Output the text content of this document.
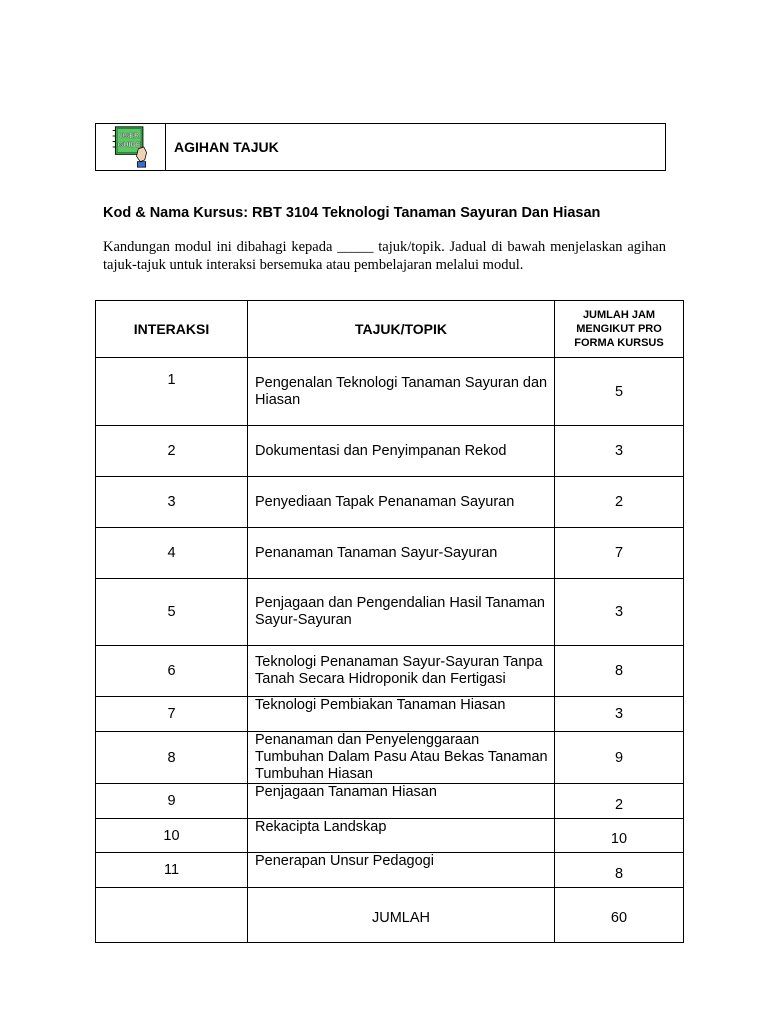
USER
GUIDE	AGIHAN TAJUK
Kod & Nama Kursus: RBT 3104 Teknologi Tanaman Sayuran Dan Hiasan
Kandungan modul ini dibahagi kepada _____ tajuk/topik. Jadual di bawah menjelaskan agihan tajuk-tajuk untuk interaksi bersemuka atau pembelajaran melalui modul.
INTERAKSI	TAJUK/TOPIK	JUMLAH JAM MENGIKUT PRO FORMA KURSUS
1	Pengenalan Teknologi Tanaman Sayuran dan Hiasan	5
2	Dokumentasi dan Penyimpanan Rekod	3
3	Penyediaan Tapak Penanaman Sayuran	2
4	Penanaman Tanaman Sayur-Sayuran	7
5	Penjagaan dan Pengendalian Hasil Tanaman Sayur-Sayuran	3
6	Teknologi Penanaman Sayur-Sayuran Tanpa Tanah Secara Hidroponik dan Fertigasi	8
7	Teknologi Pembiakan Tanaman Hiasan	3
8	Penanaman dan Penyelenggaraan Tumbuhan Dalam Pasu Atau Bekas Tanaman Tumbuhan Hiasan	9
9	Penjagaan Tanaman Hiasan	2
10	Rekacipta Landskap	10
11	Penerapan Unsur Pedagogi	8
	JUMLAH	60
